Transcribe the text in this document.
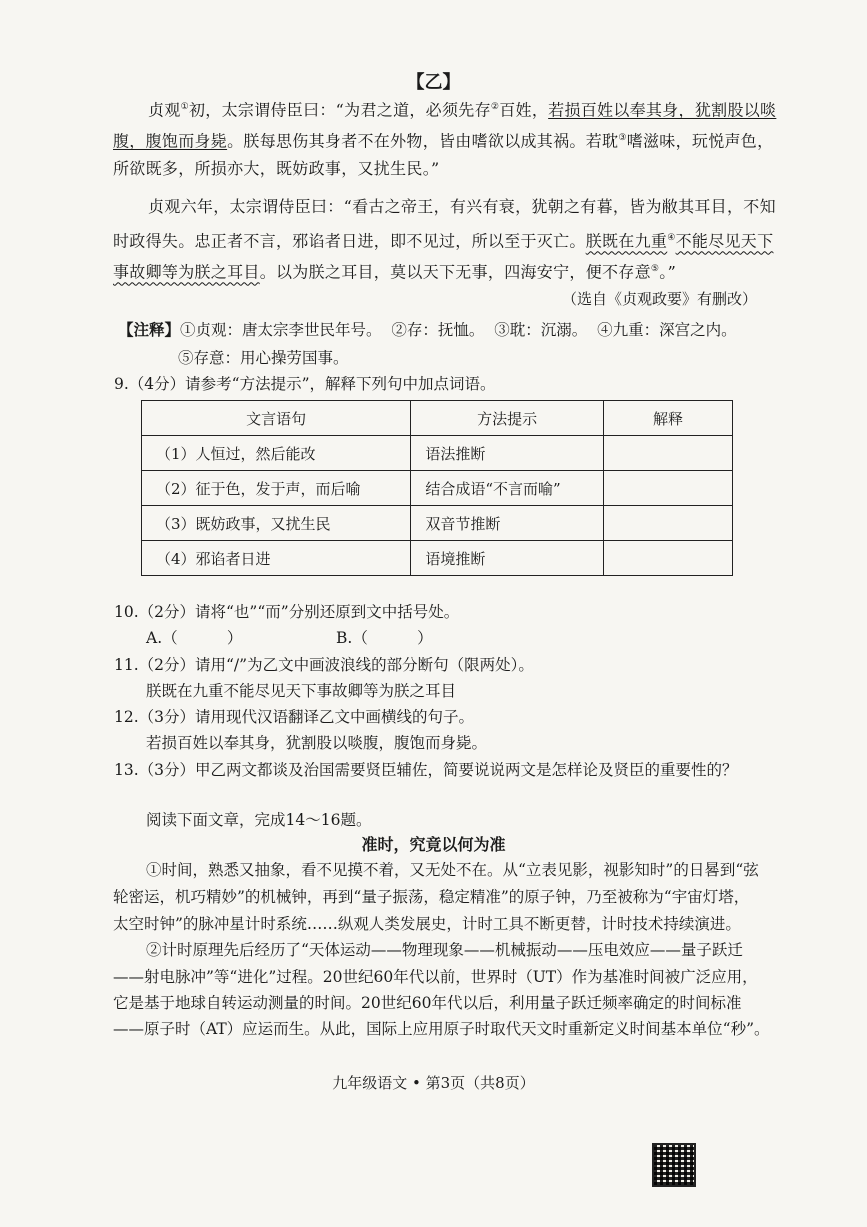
【乙】
贞观①初，太宗谓侍臣曰：“为君之道，必须先存②百姓，若损百姓以奉其身，犹割股以啖
腹，腹饱而身毙。朕每思伤其身者不在外物，皆由嗜欲以成其祸。若耽③嗜滋味，玩悦声色，
所欲既多，所损亦大，既妨政事，又扰生民。”
贞观六年，太宗谓侍臣曰：“看古之帝王，有兴有衰，犹朝之有暮，皆为敝其耳目，不知
时政得失。忠正者不言，邪谄者日进，即不见过，所以至于灭亡。朕既在九重④不能尽见天下
事故卿等为朕之耳目。以为朕之耳目，莫以天下无事，四海安宁，便不存意⑤。”
（选自《贞观政要》有删改）
【注释】①贞观：唐太宗李世民年号。  ②存：抚恤。  ③耽：沉溺。  ④九重：深宫之内。
⑤存意：用心操劳国事。
9.（4分）请参考“方法提示”，解释下列句中加点词语。
文言语句	方法提示	解释
（1）人恒过，然后能改	语法推断	
（2）征于色，发于声，而后喻	结合成语“不言而喻”	
（3）既妨政事，又扰生民	双音节推断	
（4）邪谄者日进	语境推断	
10.（2分）请将“也”“而”分别还原到文中括号处。
A.（          ）	B.（          ）
11.（2分）请用“/”为乙文中画波浪线的部分断句（限两处）。
朕既在九重不能尽见天下事故卿等为朕之耳目
12.（3分）请用现代汉语翻译乙文中画横线的句子。
若损百姓以奉其身，犹割股以啖腹，腹饱而身毙。
13.（3分）甲乙两文都谈及治国需要贤臣辅佐，简要说说两文是怎样论及贤臣的重要性的？
阅读下面文章，完成14～16题。
准时，究竟以何为准
①时间，熟悉又抽象，看不见摸不着，又无处不在。从“立表见影，视影知时”的日晷到“弦
轮密运，机巧精妙”的机械钟，再到“量子振荡，稳定精准”的原子钟，乃至被称为“宇宙灯塔，
太空时钟”的脉冲星计时系统……纵观人类发展史，计时工具不断更替，计时技术持续演进。
②计时原理先后经历了“天体运动——物理现象——机械振动——压电效应——量子跃迁
——射电脉冲”等“进化”过程。20世纪60年代以前，世界时（UT）作为基准时间被广泛应用，
它是基于地球自转运动测量的时间。20世纪60年代以后，利用量子跃迁频率确定的时间标准
——原子时（AT）应运而生。从此，国际上应用原子时取代天文时重新定义时间基本单位“秒”。
九年级语文 • 第3页（共8页）
